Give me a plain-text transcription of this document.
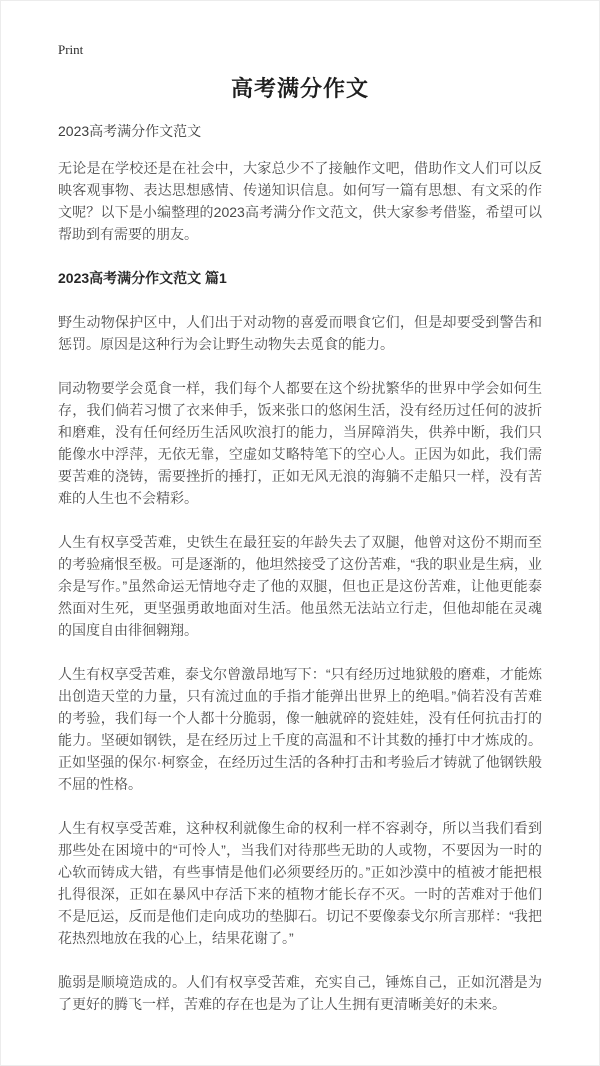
Print
高考满分作文
2023高考满分作文范文

无论是在学校还是在社会中，大家总少不了接触作文吧，借助作文人们可以反映客观事物、表达思想感情、传递知识信息。如何写一篇有思想、有文采的作文呢？以下是小编整理的2023高考满分作文范文，供大家参考借鉴，希望可以帮助到有需要的朋友。

2023高考满分作文范文 篇1

野生动物保护区中，人们出于对动物的喜爱而喂食它们，但是却要受到警告和惩罚。原因是这种行为会让野生动物失去觅食的能力。

同动物要学会觅食一样，我们每个人都要在这个纷扰繁华的世界中学会如何生存，我们倘若习惯了衣来伸手，饭来张口的悠闲生活，没有经历过任何的波折和磨难，没有任何经历生活风吹浪打的能力，当屏障消失，供养中断，我们只能像水中浮萍，无依无靠，空虚如艾略特笔下的空心人。正因为如此，我们需要苦难的浇铸，需要挫折的捶打，正如无风无浪的海躺不走船只一样，没有苦难的人生也不会精彩。

人生有权享受苦难，史铁生在最狂妄的年龄失去了双腿，他曾对这份不期而至的考验痛恨至极。可是逐渐的，他坦然接受了这份苦难，“我的职业是生病，业余是写作。”虽然命运无情地夺走了他的双腿，但也正是这份苦难，让他更能泰然面对生死，更坚强勇敢地面对生活。他虽然无法站立行走，但他却能在灵魂的国度自由徘徊翱翔。

人生有权享受苦难，泰戈尔曾激昂地写下：“只有经历过地狱般的磨难，才能炼出创造天堂的力量，只有流过血的手指才能弹出世界上的绝唱。”倘若没有苦难的考验，我们每一个人都十分脆弱，像一触就碎的瓷娃娃，没有任何抗击打的能力。坚硬如钢铁，是在经历过上千度的高温和不计其数的捶打中才炼成的。正如坚强的保尔·柯察金，在经历过生活的各种打击和考验后才铸就了他钢铁般不屈的性格。

人生有权享受苦难，这种权利就像生命的权利一样不容剥夺，所以当我们看到那些处在困境中的“可怜人”，当我们对待那些无助的人或物，不要因为一时的心软而铸成大错，有些事情是他们必须要经历的。”正如沙漠中的植被才能把根扎得很深，正如在暴风中存活下来的植物才能长存不灭。一时的苦难对于他们不是厄运，反而是他们走向成功的垫脚石。切记不要像泰戈尔所言那样：“我把花热烈地放在我的心上，结果花谢了。”

脆弱是顺境造成的。人们有权享受苦难，充实自己，锤炼自己，正如沉潜是为了更好的腾飞一样，苦难的存在也是为了让人生拥有更清晰美好的未来。
